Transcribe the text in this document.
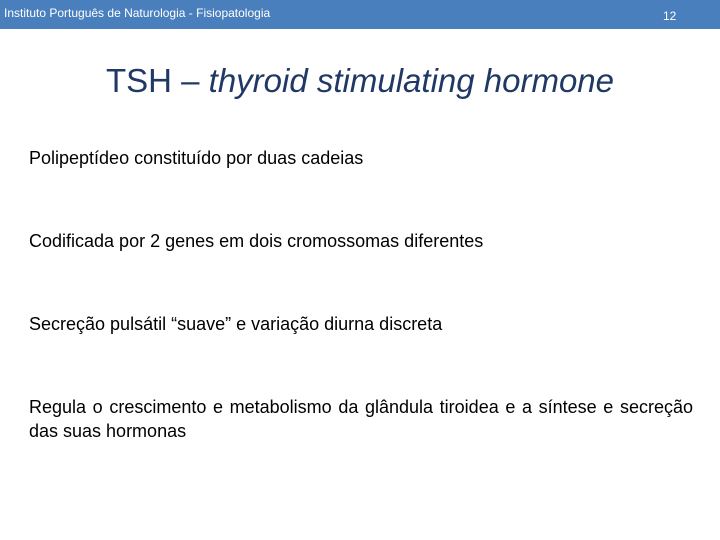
Instituto Português de Naturologia - Fisiopatologia	12
TSH – thyroid stimulating hormone
Polipeptídeo constituído por duas cadeias
Codificada por 2 genes em dois cromossomas diferentes
Secreção pulsátil “suave” e variação diurna discreta
Regula o crescimento e metabolismo da glândula tiroidea e a síntese e secreção das suas hormonas
